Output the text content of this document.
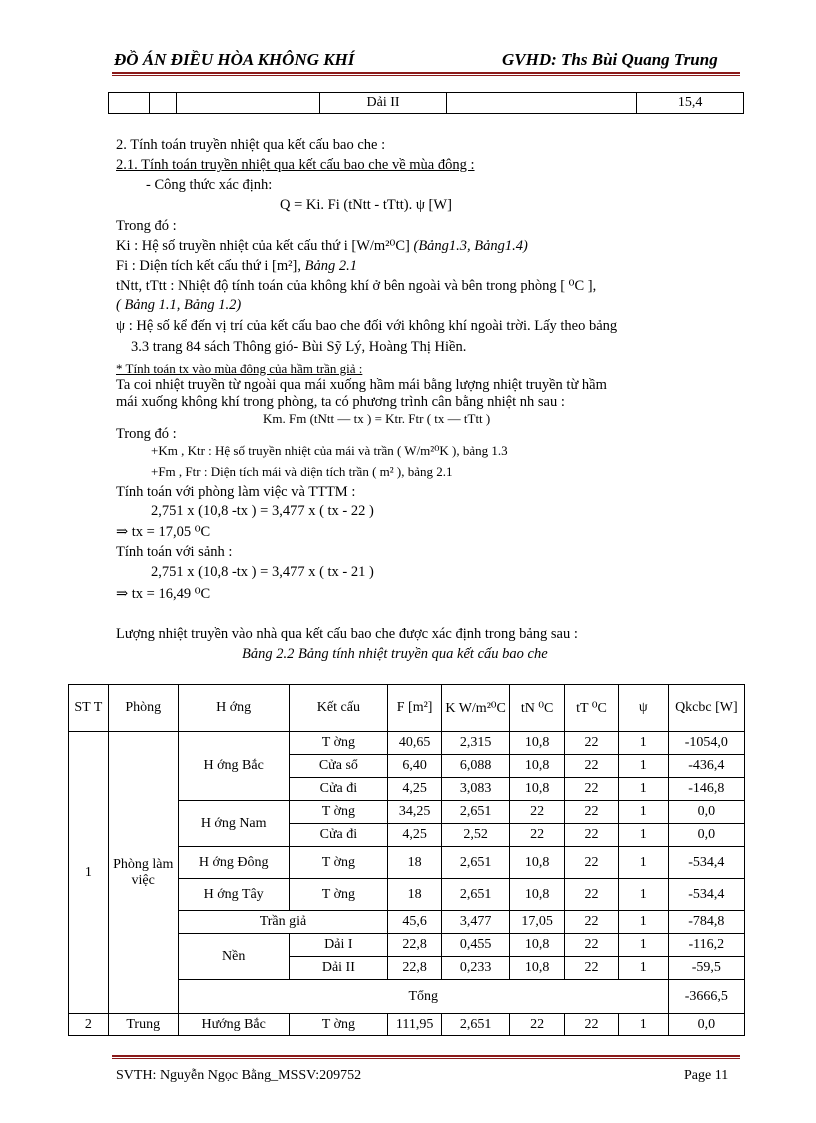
ĐỒ ÁN ĐIỀU HÒA KHÔNG KHÍ	GVHD: Ths Bùi Quang Trung
			Dải II		15,4
2. Tính toán truyền nhiệt qua kết cấu bao che :
2.1. Tính toán truyền nhiệt qua kết cấu bao che về mùa đông :
- Công thức xác định:
Q = Ki. Fi (tNtt - tTtt). ψ [W]
Trong đó :
Ki : Hệ số truyền nhiệt của kết cấu thứ i [W/m²⁰C] (Bảng1.3, Bảng1.4)
Fi : Diện tích kết cấu thứ i [m²], Bảng 2.1
tNtt, tTtt : Nhiệt độ tính toán của không khí ở bên ngoài và bên trong phòng [ ⁰C ],
( Bảng 1.1, Bảng 1.2)
ψ : Hệ số kể đến vị trí của kết cấu bao che đối với không khí ngoài trời. Lấy theo bảng
3.3 trang 84 sách Thông gió- Bùi Sỹ Lý, Hoàng Thị Hiền.
* Tính toán tx vào mùa đông của hầm trần giả :
Ta coi nhiệt truyền từ ngoài qua mái xuống hầm mái bằng lượng nhiệt truyền từ hầm
mái xuống không khí trong phòng, ta có phương trình cân bằng nhiệt nh sau :
Km. Fm (tNtt — tx ) = Ktr. Ftr ( tx — tTtt )
Trong đó :
+Km , Ktr : Hệ số truyền nhiệt của mái và trần ( W/m²⁰K ), bảng 1.3
+Fm , Ftr : Diện tích mái và diện tích trần ( m² ), bảng 2.1
Tính toán với phòng làm việc và TTTM :
2,751 x (10,8 -tx ) = 3,477 x ( tx - 22 )
⇒ tx = 17,05 ⁰C
Tính toán với sảnh :
2,751 x (10,8 -tx ) = 3,477 x ( tx - 21 )
⇒ tx = 16,49 ⁰C
Lượng nhiệt truyền vào nhà qua kết cấu bao che được xác định trong bảng sau :
Bảng 2.2 Bảng tính nhiệt truyền qua kết cấu bao che
ST T	Phòng	H ớng	Kết cấu	F [m²]	K W/m²⁰C	tN ⁰C	tT ⁰C	ψ	Qkcbc [W]
1	Phòng làm việc	H ớng Bắc	T ờng	40,65	2,315	10,8	22	1	-1054,0
			Cửa sổ	6,40	6,088	10,8	22	1	-436,4
			Cửa đi	4,25	3,083	10,8	22	1	-146,8
		H ớng Nam	T ờng	34,25	2,651	22	22	1	0,0
			Cửa đi	4,25	2,52	22	22	1	0,0
		H ớng Đông	T ờng	18	2,651	10,8	22	1	-534,4
		H ớng Tây	T ờng	18	2,651	10,8	22	1	-534,4
		Trần giả		45,6	3,477	17,05	22	1	-784,8
		Nền	Dải I	22,8	0,455	10,8	22	1	-116,2
			Dải II	22,8	0,233	10,8	22	1	-59,5
		Tổng							-3666,5
2	Trung	Hướng Bắc	T ờng	111,95	2,651	22	22	1	0,0
SVTH: Nguyễn Ngọc Bằng_MSSV:209752	Page 11
